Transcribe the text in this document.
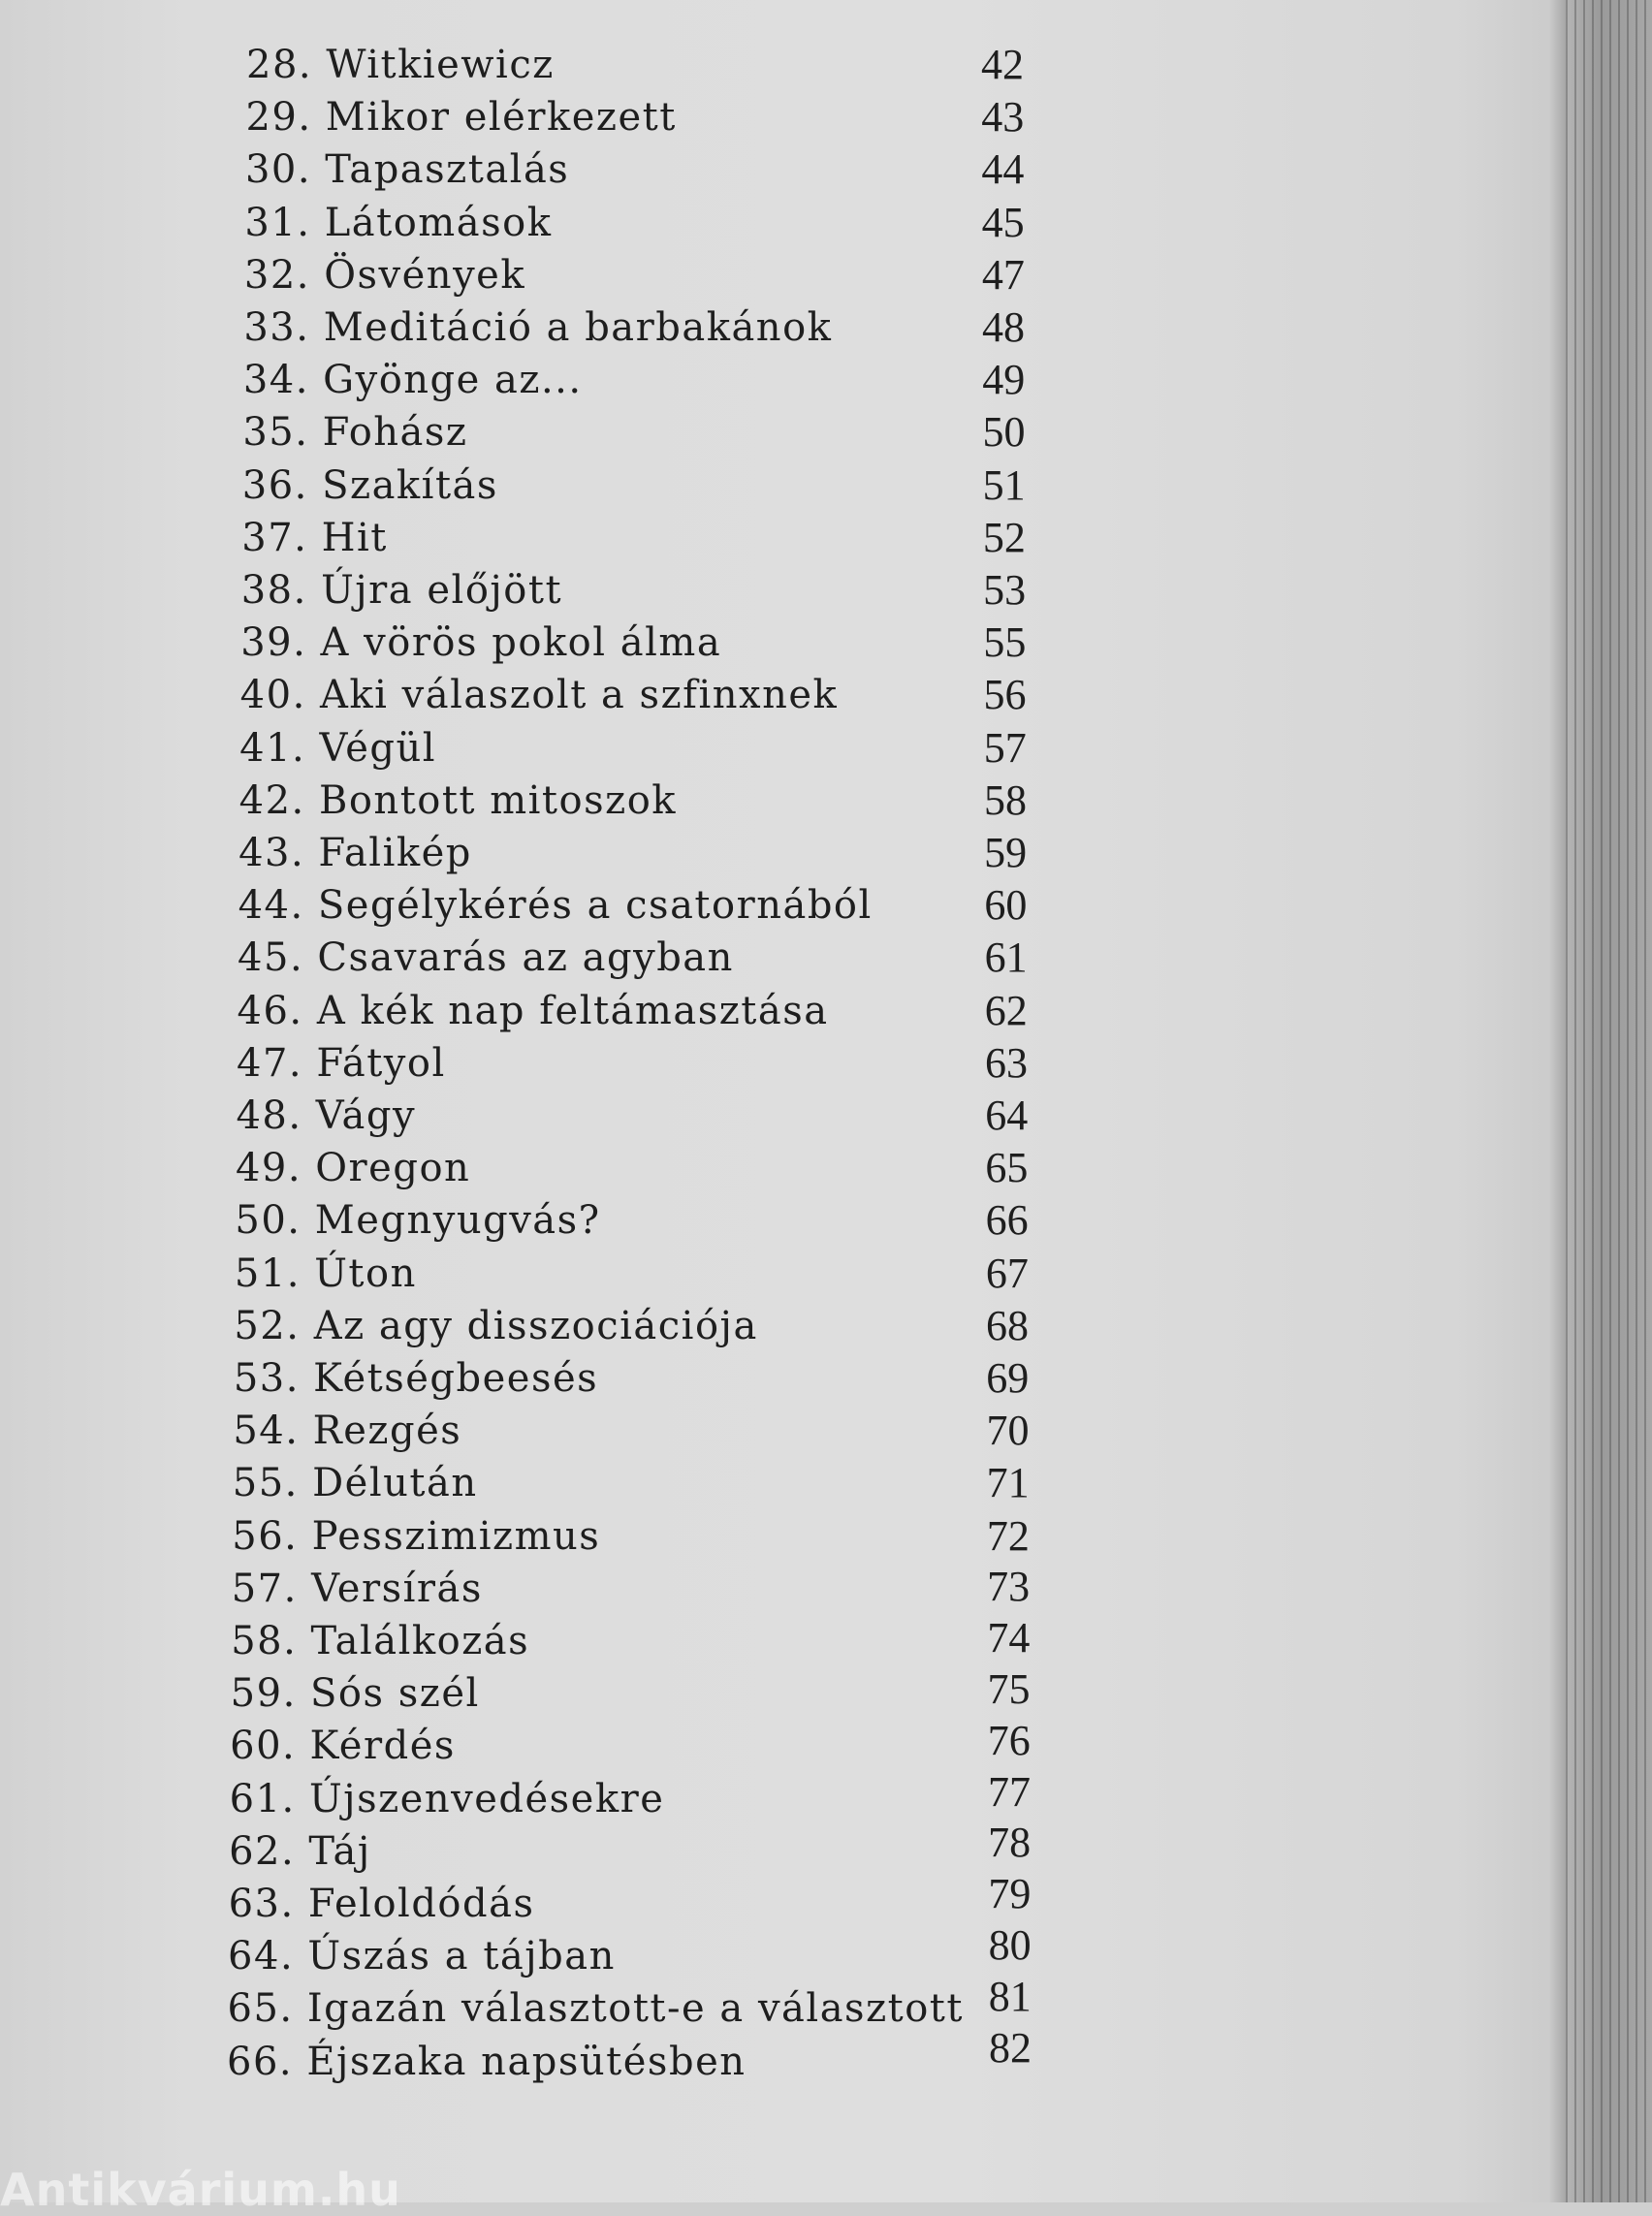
28. Witkiewicz	42
29. Mikor elérkezett	43
30. Tapasztalás	44
31. Látomások	45
32. Ösvények	47
33. Meditáció a barbakánok	48
34. Gyönge az...	49
35. Fohász	50
36. Szakítás	51
37. Hit	52
38. Újra előjött	53
39. A vörös pokol álma	55
40. Aki válaszolt a szfinxnek	56
41. Végül	57
42. Bontott mitoszok	58
43. Falikép	59
44. Segélykérés a csatornából	60
45. Csavarás az agyban	61
46. A kék nap feltámasztása	62
47. Fátyol	63
48. Vágy	64
49. Oregon	65
50. Megnyugvás?	66
51. Úton	67
52. Az agy disszociációja	68
53. Kétségbeesés	69
54. Rezgés	70
55. Délután	71
56. Pesszimizmus	72
57. Versírás	73
58. Találkozás	74
59. Sós szél	75
60. Kérdés	76
61. Újszenvedésekre	77
62. Táj	78
63. Feloldódás	79
64. Úszás a tájban	80
65. Igazán választott-e a választott 81
66. Éjszaka napsütésben	82
Antikvárium.hu
